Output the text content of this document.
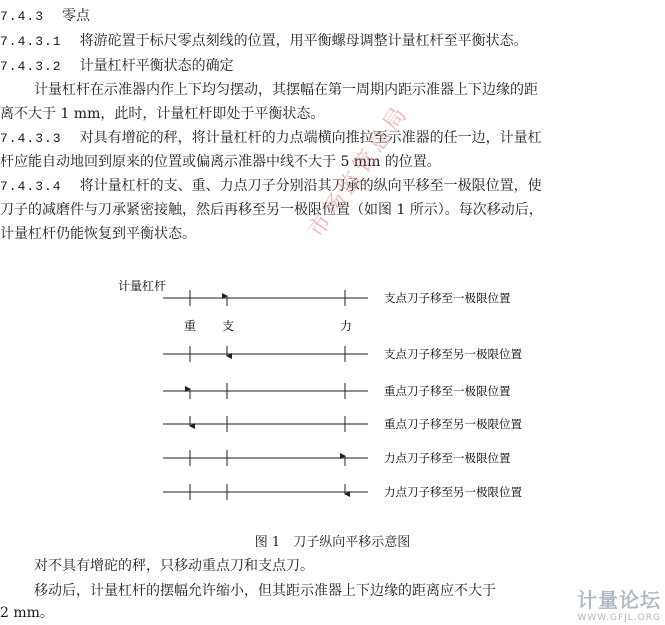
7.4.3 零点
7.4.3.1 将游砣置于标尺零点刻线的位置，用平衡螺母调整计量杠杆至平衡状态。
7.4.3.2 计量杠杆平衡状态的确定
计量杠杆在示准器内作上下均匀摆动，其摆幅在第一周期内距示准器上下边缘的距
离不大于 1 mm，此时，计量杠杆即处于平衡状态。
7.4.3.3 对具有增砣的秤，将计量杠杆的力点端横向推拉至示准器的任一边，计量杠
杆应能自动地回到原来的位置或偏离示准器中线不大于 5 mm 的位置。
7.4.3.4 将计量杠杆的支、重、力点刀子分别沿其刀承的纵向平移至一极限位置，使
刀子的减磨件与刀承紧密接触，然后再移至另一极限位置（如图 1 所示）。每次移动后，
计量杠杆仍能恢复到平衡状态。
计量杠杆
重 支	力
支点刀子移至一极限位置
支点刀子移至另一极限位置
重点刀子移至一极限位置
重点刀子移至另一极限位置
力点刀子移至一极限位置
力点刀子移至另一极限位置
图 1　刀子纵向平移示意图
对不具有增砣的秤，只移动重点刀和支点刀。
移动后，计量杠杆的摆幅允许缩小，但其距示准器上下边缘的距离应不大于
2 mm。
市场监管总局
计量论坛
WWW.GFJL.ORG
